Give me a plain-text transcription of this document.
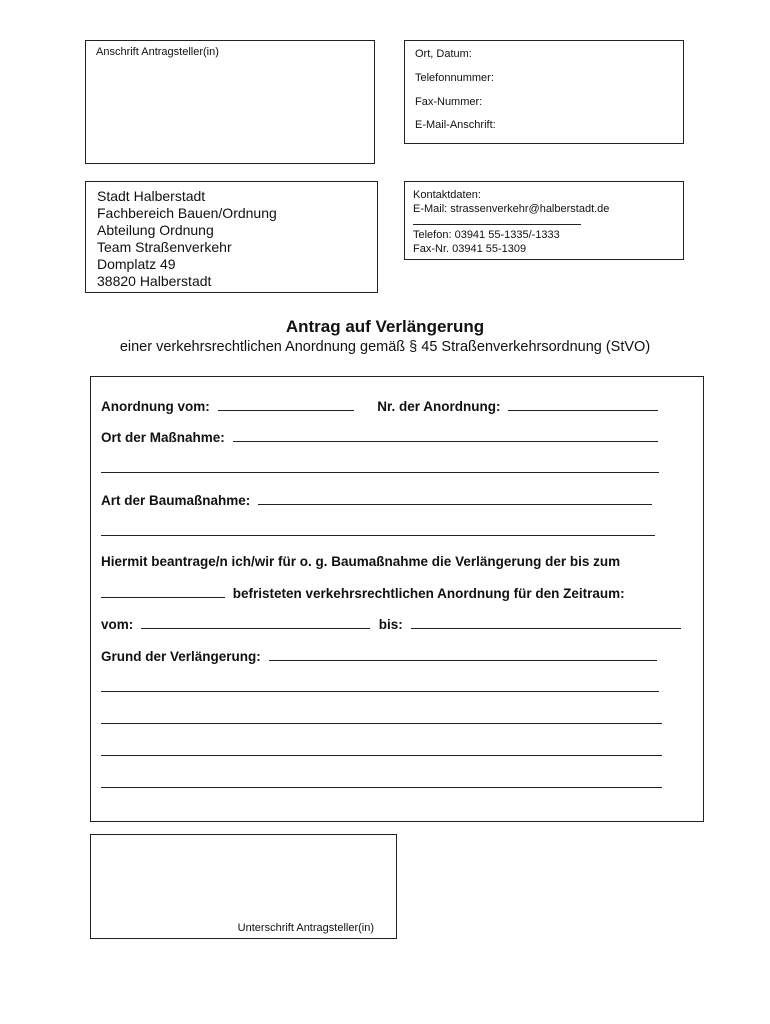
Anschrift Antragsteller(in)	Ort, Datum:
Telefonnummer:
Fax-Nummer:
E-Mail-Anschrift:
Stadt Halberstadt
Fachbereich Bauen/Ordnung
Abteilung Ordnung
Team Straßenverkehr
Domplatz 49
38820 Halberstadt
Kontaktdaten:
E-Mail: strassenverkehr@halberstadt.de
Telefon: 03941 55-1335/-1333
Fax-Nr. 03941 55-1309
Antrag auf Verlängerung
einer verkehrsrechtlichen Anordnung gemäß § 45 Straßenverkehrsordnung (StVO)
Anordnung vom:	Nr. der Anordnung:
Ort der Maßnahme:
Art der Baumaßnahme:
Hiermit beantrage/n ich/wir für o. g. Baumaßnahme die Verlängerung der bis zum
befristeten verkehrsrechtlichen Anordnung für den Zeitraum:
vom:	bis:
Grund der Verlängerung:
Unterschrift Antragsteller(in)
